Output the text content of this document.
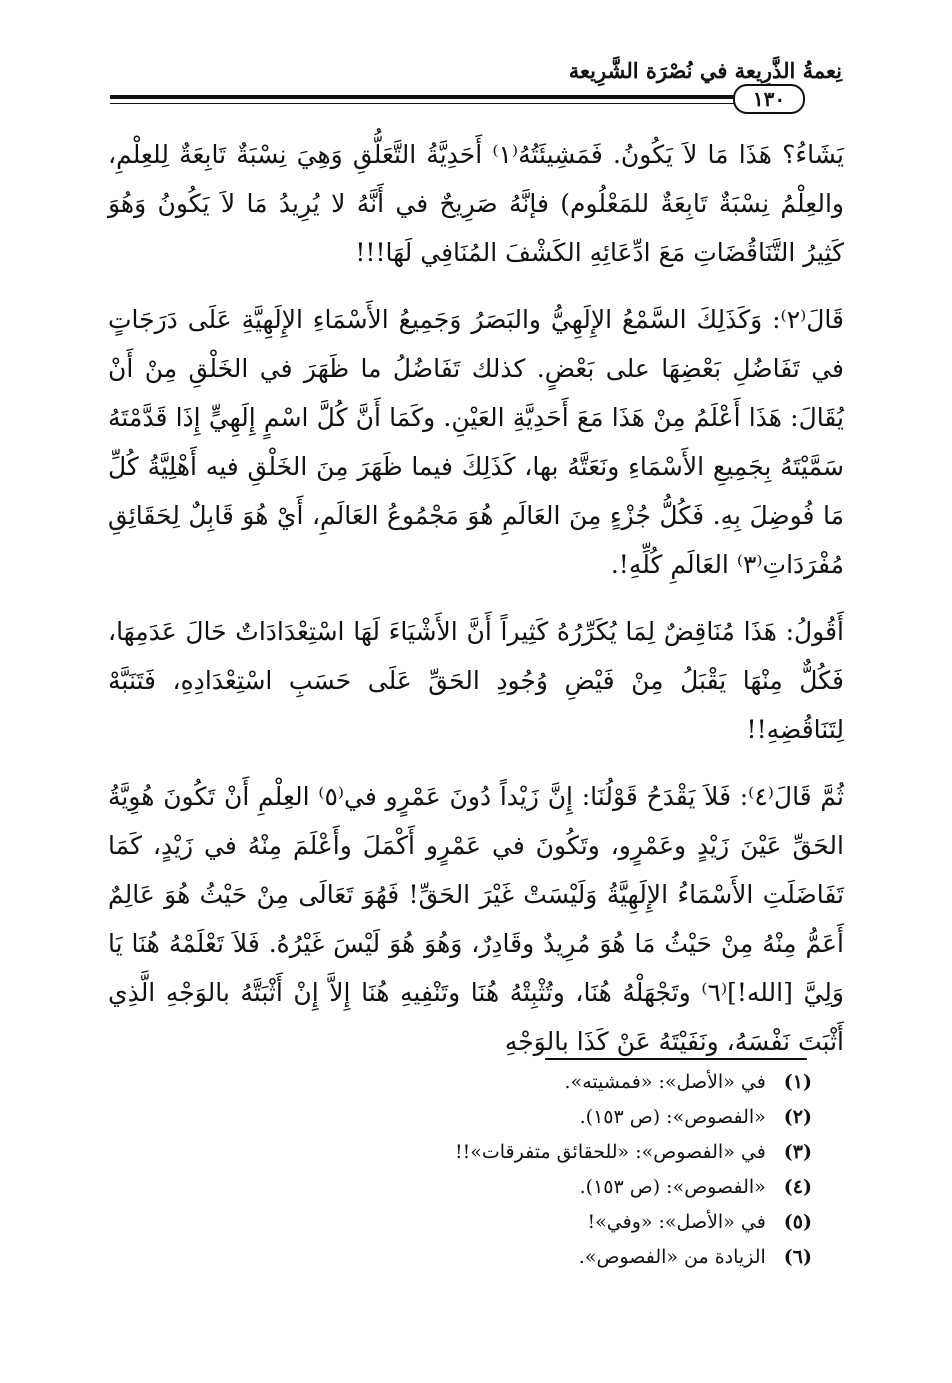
نِعمةُ الذَّرِيعة في نُصْرَة الشَّرِيعة
١٣٠

يَشَاءُ؟ هَذَا مَا لاَ يَكُونُ. فَمَشِيئَتُهُ⁽١⁾ أَحَدِيَّةُ التَّعَلُّقِ وَهِيَ نِسْبَةٌ تَابِعَةٌ لِلعِلْمِ، والعِلْمُ نِسْبَةٌ تَابِعَةٌ للمَعْلُوم) فإنَّهُ صَرِيحٌ في أَنَّهُ لا يُرِيدُ مَا لاَ يَكُونُ وَهُوَ كَثِيرُ التَّنَاقُضَاتِ مَعَ ادِّعَائِهِ الكَشْفَ المُنَافِي لَهَا!!!

قَالَ⁽٢⁾: وَكَذَلِكَ السَّمْعُ الإِلَهِيُّ والبَصَرُ وَجَمِيعُ الأَسْمَاءِ الإِلَهِيَّةِ عَلَى دَرَجَاتٍ في تَفَاضُلِ بَعْضِهَا على بَعْضٍ. كذلك تَفَاضُلُ ما ظَهَرَ في الخَلْقِ مِنْ أَنْ يُقَالَ: هَذَا أَعْلَمُ مِنْ هَذَا مَعَ أَحَدِيَّةِ العَيْنِ. وكَمَا أَنَّ كُلَّ اسْمٍ إِلَهِيٍّ إِذَا قَدَّمْتَهُ سَمَّيْتَهُ بِجَمِيعِ الأَسْمَاءِ ونَعَتَّهُ بها، كَذَلِكَ فيما ظَهَرَ مِنَ الخَلْقِ فيه أَهْلِيَّةُ كُلِّ مَا فُوضِلَ بِهِ. فَكُلُّ جُزْءٍ مِنَ العَالَمِ هُوَ مَجْمُوعُ العَالَمِ، أَيْ هُوَ قَابِلٌ لِحَقَائِقِ مُفْرَدَاتِ⁽٣⁾ العَالَمِ كُلِّهِ!.

أَقُولُ: هَذَا مُنَاقِضٌ لِمَا يُكَرِّرُهُ كَثِيراً أَنَّ الأَشْيَاءَ لَهَا اسْتِعْدَادَاتٌ حَالَ عَدَمِهَا، فَكُلٌّ مِنْهَا يَقْبَلُ مِنْ فَيْضِ وُجُودِ الحَقِّ عَلَى حَسَبِ اسْتِعْدَادِهِ، فَتَنَبَّهْ لِتَنَاقُضِهِ!!

ثُمَّ قَالَ⁽٤⁾: فَلاَ يَقْدَحُ قَوْلُنَا: إِنَّ زَيْداً دُونَ عَمْرٍو في⁽٥⁾ العِلْمِ أَنْ تَكُونَ هُوِيَّةُ الحَقِّ عَيْنَ زَيْدٍ وعَمْرٍو، وتَكُونَ في عَمْرٍو أَكْمَلَ وأَعْلَمَ مِنْهُ في زَيْدٍ، كَمَا تَفَاضَلَتِ الأَسْمَاءُ الإِلَهِيَّةُ وَلَيْسَتْ غَيْرَ الحَقِّ! فَهُوَ تَعَالَى مِنْ حَيْثُ هُوَ عَالِمٌ أَعَمُّ مِنْهُ مِنْ حَيْثُ مَا هُوَ مُرِيدٌ وقَادِرٌ، وَهُوَ هُوَ لَيْسَ غَيْرُهُ. فَلاَ تَعْلَمْهُ هُنَا يَا وَلِيَّ [الله!]⁽٦⁾ وتَجْهَلْهُ هُنَا، وتُثْبِتْهُ هُنَا وتَنْفِيهِ هُنَا إِلاَّ إِنْ أَثْبَتَّهُ بالوَجْهِ الَّذِي أَثْبَتَ نَفْسَهُ، ونَفَيْتَهُ عَنْ كَذَا بالوَجْهِ

(١)في «الأصل»: «فمشيته».
(٢)«الفصوص»: (ص ١٥٣).
(٣)في «الفصوص»: «للحقائق متفرقات»!!
(٤)«الفصوص»: (ص ١٥٣).
(٥)في «الأصل»: «وفي»!
(٦)الزيادة من «الفصوص».
